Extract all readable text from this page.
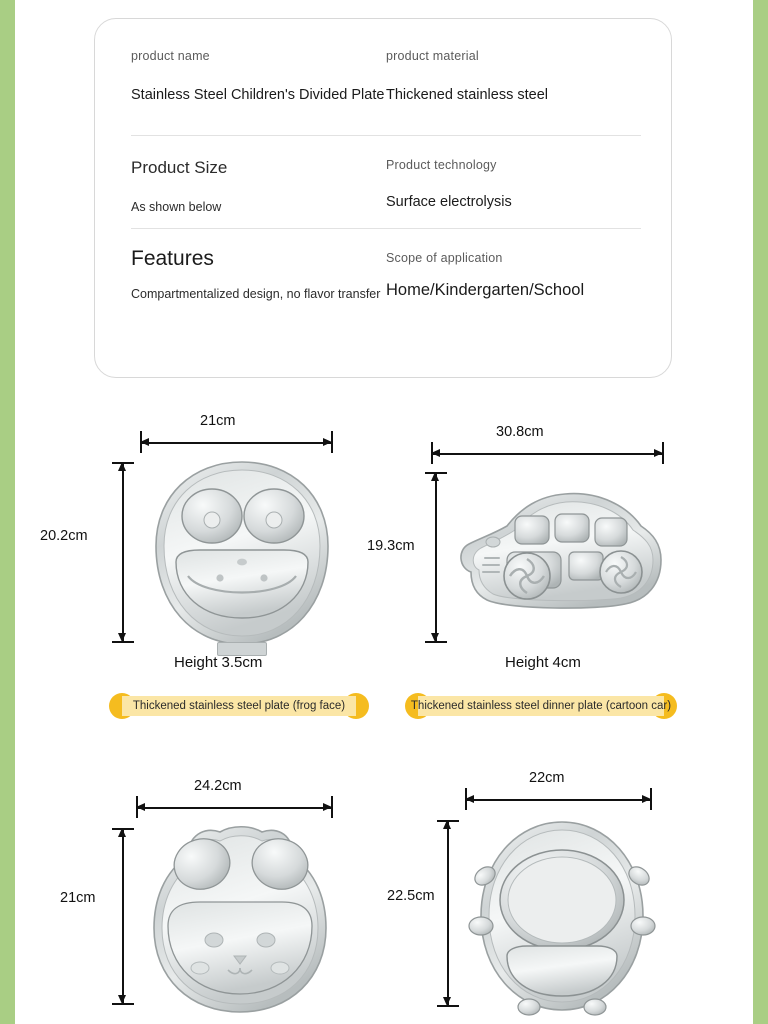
product name
Stainless Steel Children's Divided Plate
product material
Thickened stainless steel
Product Size
As shown below
Product technology
Surface electrolysis
Features
Compartmentalized design, no flavor transfer
Scope of application
Home/Kindergarten/School
21cm
20.2cm
Height 3.5cm
Thickened stainless steel plate (frog face)
30.8cm
19.3cm
Height 4cm
Thickened stainless steel dinner plate (cartoon car)
24.2cm
21cm
22cm
22.5cm
